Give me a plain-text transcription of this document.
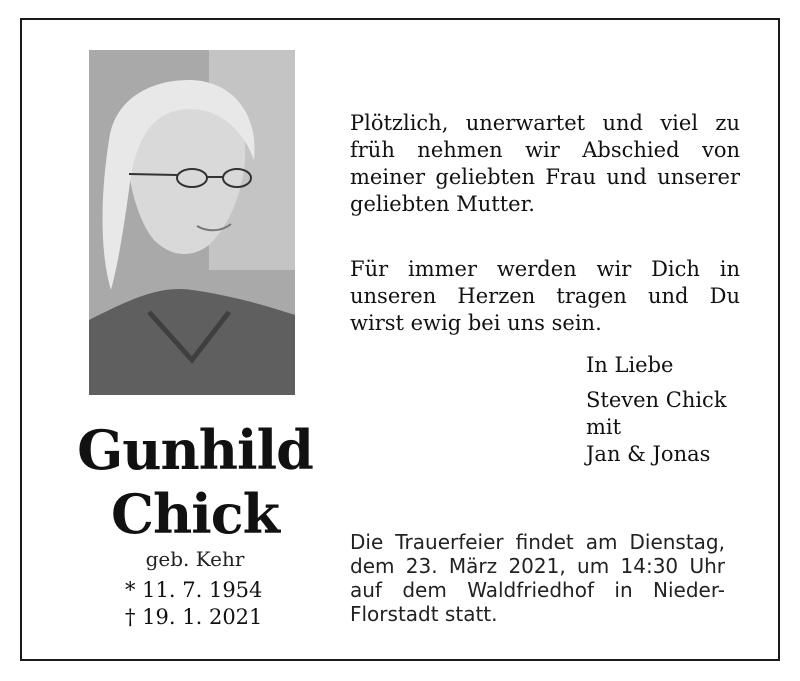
Gunhild
Chick
geb. Kehr
* 11. 7. 1954
† 19. 1. 2021
Plötzlich, unerwartet und viel zu
früh nehmen wir Abschied von
meiner geliebten Frau und unserer
geliebten Mutter.
Für immer werden wir Dich in
unseren Herzen tragen und Du
wirst ewig bei uns sein.
In Liebe
Steven Chick
mit
Jan & Jonas
Die Trauerfeier findet am Dienstag,
dem 23. März 2021, um 14:30 Uhr
auf dem Waldfriedhof in Nieder-
Florstadt statt.
